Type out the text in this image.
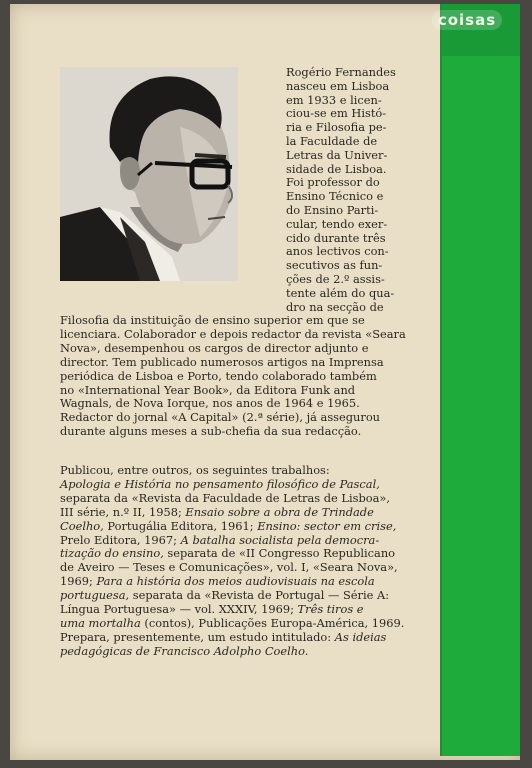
coisas

Rogério Fernandes
nasceu em Lisboa
em 1933 e licen-
ciou-se em Histó-
ria e Filosofia pe-
la Faculdade de
Letras da Univer-
sidade de Lisboa.
Foi professor do
Ensino Técnico e
do Ensino Parti-
cular, tendo exer-
cido durante três
anos lectivos con-
secutivos as fun-
ções de 2.º assis-
tente além do qua-
dro na secção de

Filosofia da instituição de ensino superior em que se
licenciara. Colaborador e depois redactor da revista «Seara
Nova», desempenhou os cargos de director adjunto e
director. Tem publicado numerosos artigos na Imprensa
periódica de Lisboa e Porto, tendo colaborado também
no «International Year Book», da Editora Funk and
Wagnals, de Nova Iorque, nos anos de 1964 e 1965.
Redactor do jornal «A Capital» (2.ª série), já assegurou
durante alguns meses a sub-chefia da sua redacção.

Publicou, entre outros, os seguintes trabalhos:
Apologia e História no pensamento filosófico de Pascal,
separata da «Revista da Faculdade de Letras de Lisboa»,
III série, n.º II, 1958; Ensaio sobre a obra de Trindade
Coelho, Portugália Editora, 1961; Ensino: sector em crise,
Prelo Editora, 1967; A batalha socialista pela democra-
tização do ensino, separata de «II Congresso Republicano
de Aveiro — Teses e Comunicações», vol. I, «Seara Nova»,
1969; Para a história dos meios audiovisuais na escola
portuguesa, separata da «Revista de Portugal — Série A:
Língua Portuguesa» — vol. XXXIV, 1969; Três tiros e
uma mortalha (contos), Publicações Europa-América, 1969.
Prepara, presentemente, um estudo intitulado: As ideias
pedagógicas de Francisco Adolpho Coelho.
